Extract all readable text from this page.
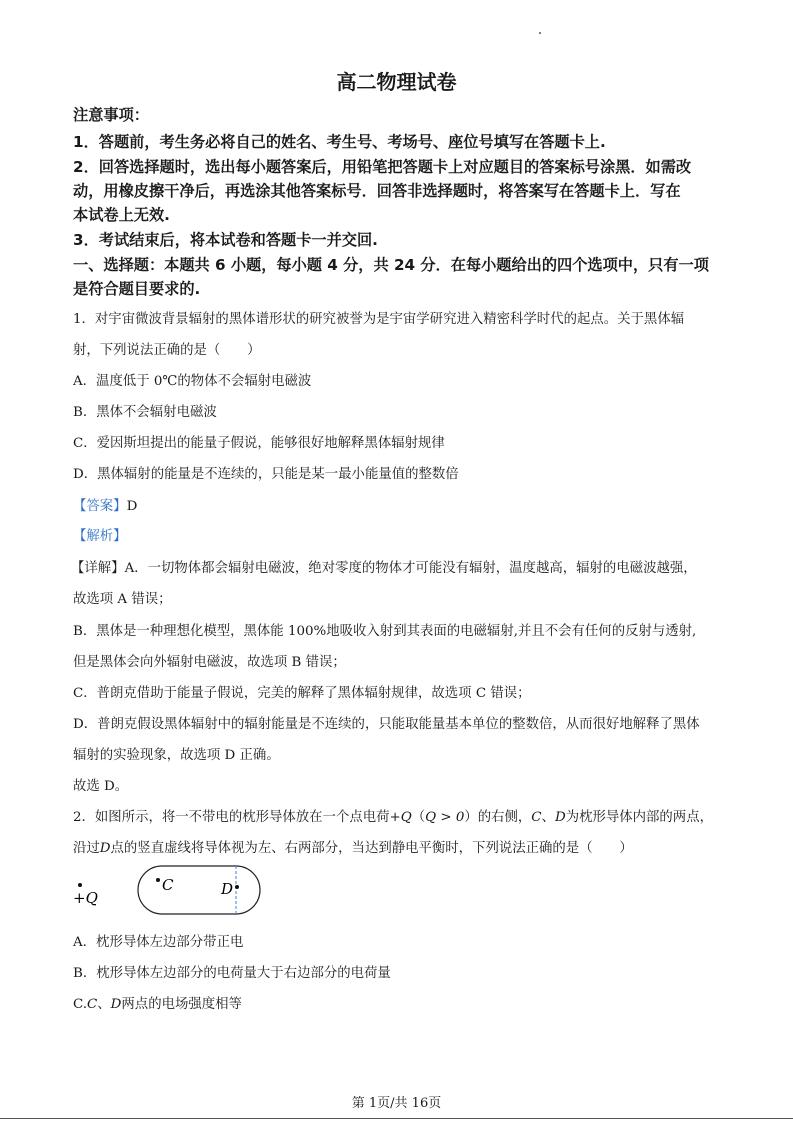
高二物理试卷
注意事项：
1．答题前，考生务必将自己的姓名、考生号、考场号、座位号填写在答题卡上.
2．回答选择题时，选出每小题答案后，用铅笔把答题卡上对应题目的答案标号涂黑．如需改
动，用橡皮擦干净后，再选涂其他答案标号．回答非选择题时，将答案写在答题卡上．写在
本试卷上无效.
3．考试结束后，将本试卷和答题卡一并交回.
一、选择题：本题共 6 小题，每小题 4 分，共 24 分．在每小题给出的四个选项中，只有一项
是符合题目要求的.
1．对宇宙微波背景辐射的黑体谱形状的研究被誉为是宇宙学研究进入精密科学时代的起点。关于黑体辐
射，下列说法正确的是（　　）
A．温度低于 0℃的物体不会辐射电磁波
B．黑体不会辐射电磁波
C．爱因斯坦提出的能量子假说，能够很好地解释黑体辐射规律
D．黑体辐射的能量是不连续的，只能是某一最小能量值的整数倍
【答案】D
【解析】
【详解】A．一切物体都会辐射电磁波，绝对零度的物体才可能没有辐射，温度越高，辐射的电磁波越强，
故选项 A 错误；
B．黑体是一种理想化模型，黑体能 100%地吸收入射到其表面的电磁辐射,并且不会有任何的反射与透射,
但是黑体会向外辐射电磁波，故选项 B 错误；
C．普朗克借助于能量子假说，完美的解释了黑体辐射规律，故选项 C 错误；
D．普朗克假设黑体辐射中的辐射能量是不连续的，只能取能量基本单位的整数倍，从而很好地解释了黑体
辐射的实验现象，故选项 D 正确。
故选 D。
2．如图所示，将一不带电的枕形导体放在一个点电荷+Q（Q > 0）的右侧，C、D为枕形导体内部的两点，
沿过D点的竖直虚线将导体视为左、右两部分，当达到静电平衡时，下列说法正确的是（　　）
+Q
C	D
A．枕形导体左边部分带正电
B．枕形导体左边部分的电荷量大于右边部分的电荷量
C.C、D两点的电场强度相等
第 1页/共 16页
